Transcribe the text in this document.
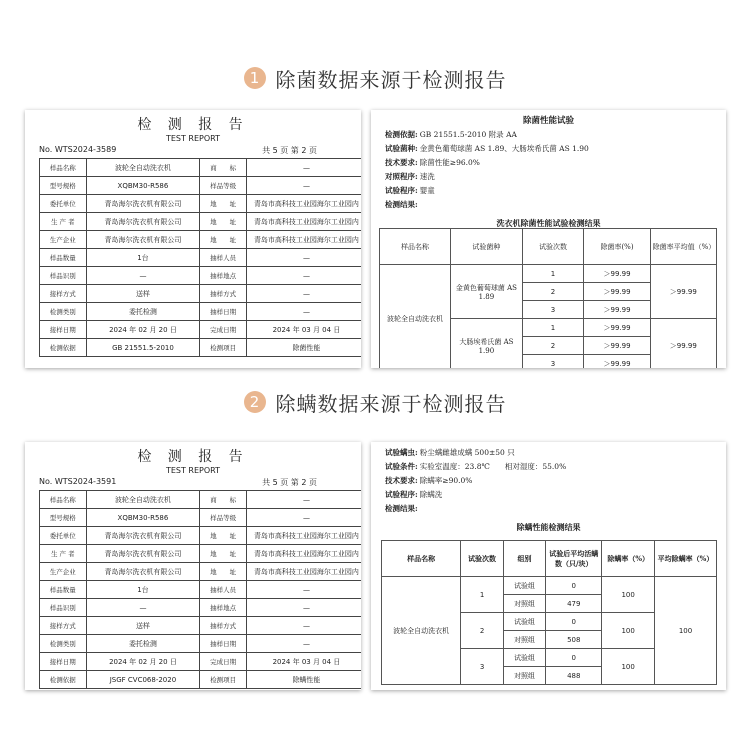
1 除菌数据来源于检测报告
检 测 报 告
TEST REPORT
No. WTS2024-3589	共 5 页 第 2 页
样品名称	波轮全自动洗衣机	商　　标	—
型号规格	XQBM30-R586	样品等级	—
委托单位	青岛海尔洗衣机有限公司	地　　址	青岛市高科技工业园海尔工业园内
生 产 者	青岛海尔洗衣机有限公司	地　　址	青岛市高科技工业园海尔工业园内
生产企业	青岛海尔洗衣机有限公司	地　　址	青岛市高科技工业园海尔工业园内
样品数量	1台	抽样人员	—
样品识别	—	抽样地点	—
接样方式	送样	抽样方式	—
检测类别	委托检测	抽样日期	—
接样日期	2024 年 02 月 20 日	完成日期	2024 年 03 月 04 日
检测依据	GB 21551.5-2010	检测项目	除菌性能
除菌性能试验
检测依据: GB 21551.5-2010 附录 AA
试验菌种: 金黄色葡萄球菌 AS 1.89、大肠埃希氏菌 AS 1.90
技术要求: 除菌性能≥96.0%
对照程序: 速洗
试验程序: 婴童
检测结果:
洗衣机除菌性能试验检测结果
样品名称	试验菌种	试验次数	除菌率(%)	除菌率平均值（%）
波轮全自动洗衣机	金黄色葡萄球菌 AS 1.89	1	＞99.99	＞99.99
		2	＞99.99	
		3	＞99.99	
	大肠埃希氏菌 AS 1.90	1	＞99.99	＞99.99
		2	＞99.99	
		3	＞99.99	
2 除螨数据来源于检测报告
检 测 报 告
TEST REPORT
No. WTS2024-3591	共 5 页 第 2 页
样品名称	波轮全自动洗衣机	商　　标	—
型号规格	XQBM30-R586	样品等级	—
委托单位	青岛海尔洗衣机有限公司	地　　址	青岛市高科技工业园海尔工业园内
生 产 者	青岛海尔洗衣机有限公司	地　　址	青岛市高科技工业园海尔工业园内
生产企业	青岛海尔洗衣机有限公司	地　　址	青岛市高科技工业园海尔工业园内
样品数量	1台	抽样人员	—
样品识别	—	抽样地点	—
接样方式	送样	抽样方式	—
检测类别	委托检测	抽样日期	—
接样日期	2024 年 02 月 20 日	完成日期	2024 年 03 月 04 日
检测依据	JSGF CVC068-2020	检测项目	除螨性能
试验螨虫: 粉尘螨雌雄成螨 500±50 只
试验条件: 实验室温度：23.8℃　　相对湿度：55.0%
技术要求: 除螨率≥90.0%
试验程序: 除螨洗
检测结果:
除螨性能检测结果
样品名称	试验次数	组别	试验后平均活螨数（只/块）	除螨率（%）	平均除螨率（%）
波轮全自动洗衣机	1	试验组	0	100	100
		对照组	479		
	2	试验组	0	100	
		对照组	508		
	3	试验组	0	100	
		对照组	488		
